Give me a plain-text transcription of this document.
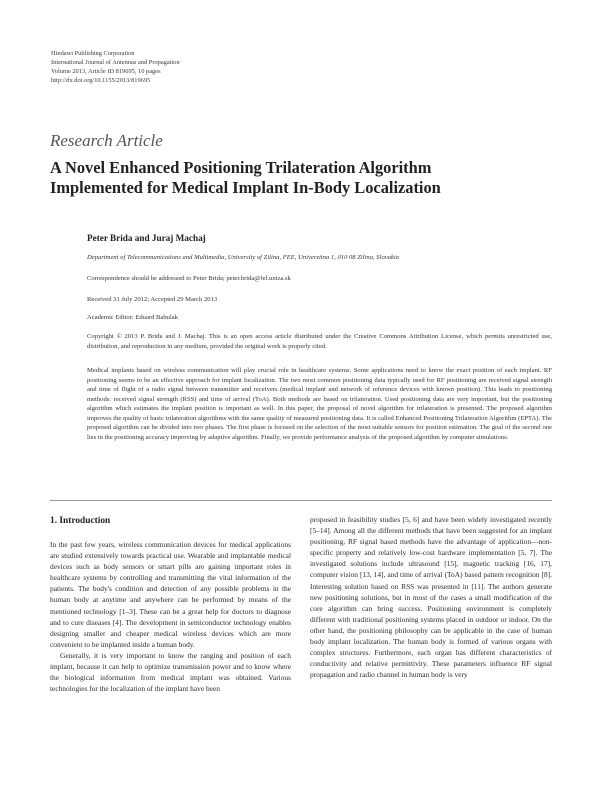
Hindawi Publishing Corporation
International Journal of Antennas and Propagation
Volume 2013, Article ID 819695, 10 pages
http://dx.doi.org/10.1155/2013/819695
Research Article
A Novel Enhanced Positioning Trilateration Algorithm
Implemented for Medical Implant In-Body Localization
Peter Brida and Juraj Machaj
Department of Telecommunications and Multimedia, University of Zilina, FEE, Univerzitna 1, 010 08 Zilina, Slovakia
Correspondence should be addressed to Peter Brida; peter.brida@fel.uniza.sk
Received 31 July 2012; Accepted 29 March 2013
Academic Editor: Eduard Babulak
Copyright © 2013 P. Brida and J. Machaj. This is an open access article distributed under the Creative Commons Attribution License, which permits unrestricted use, distribution, and reproduction in any medium, provided the original work is properly cited.
Medical implants based on wireless communication will play crucial role in healthcare systems. Some applications need to know the exact position of each implant. RF positioning seems to be an effective approach for implant localization. The two most common positioning data typically used for RF positioning are received signal strength and time of flight of a radio signal between transmitter and receivers (medical implant and network of reference devices with known position). This leads to positioning methods: received signal strength (RSS) and time of arrival (ToA). Both methods are based on trilateration. Used positioning data are very important, but the positioning algorithm which estimates the implant position is important as well. In this paper, the proposal of novel algorithm for trilateration is presented. The proposed algorithm improves the quality of basic trilateration algorithms with the same quality of measured positioning data. It is called Enhanced Positioning Trilateration Algorithm (EPTA). The proposed algorithm can be divided into two phases. The first phase is focused on the selection of the most suitable sensors for position estimation. The goal of the second one lies in the positioning accuracy improving by adaptive algorithm. Finally, we provide performance analysis of the proposed algorithm by computer simulations.
1. Introduction

In the past few years, wireless communication devices for medical applications are studied extensively towards practical use. Wearable and implantable medical devices such as body sensors or smart pills are gaining important roles in healthcare systems by controlling and transmitting the vital information of the patients. The body's condition and detection of any possible problems in the human body at anytime and anywhere can be performed by means of the mentioned technology [1–3]. These can be a great help for doctors to diagnose and to cure diseases [4]. The development in semiconductor technology enables designing smaller and cheaper medical wireless devices which are more convenient to be implanted inside a human body.

Generally, it is very important to know the ranging and position of each implant, because it can help to optimize transmission power and to know where the biological information from medical implant was obtained. Various technologies for the localization of the implant have been

proposed in feasibility studies [5, 6] and have been widely investigated recently [5–14]. Among all the different methods that have been suggested for an implant positioning, RF signal based methods have the advantage of application—non-specific property and relatively low-cost hardware implementation [5, 7]. The investigated solutions include ultrasound [15], magnetic tracking [16, 17], computer vision [13, 14], and time of arrival (ToA) based pattern recognition [8]. Interesting solution based on RSS was presented in [11]. The authors generate new positioning solutions, but in most of the cases a small modification of the core algorithm can bring success. Positioning environment is completely different with traditional positioning systems placed in outdoor or indoor. On the other hand, the positioning philosophy can be applicable in the case of human body implant localization. The human body is formed of various organs with complex structures. Furthermore, each organ has different characteristics of conductivity and relative permittivity. These parameters influence RF signal propagation and radio channel in human body is very
